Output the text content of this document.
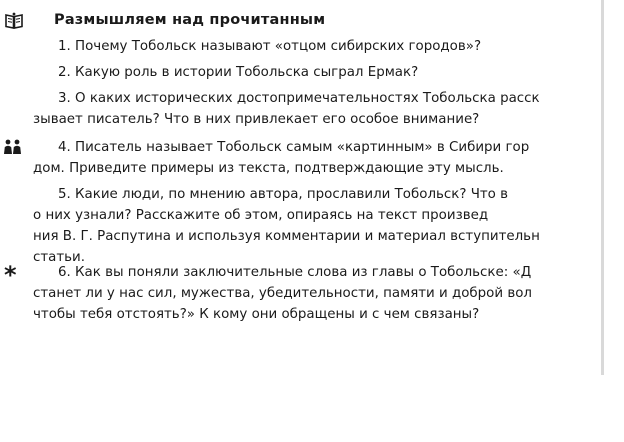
Размышляем над прочитанным
1. Почему Тобольск называют «отцом сибирских городов»?
2. Какую роль в истории Тобольска сыграл Ермак?
3. О каких исторических достопримечательностях Тобольска расск
зывает писатель? Что в них привлекает его особое внимание?
4. Писатель называет Тобольск самым «картинным» в Сибири гор
дом. Приведите примеры из текста, подтверждающие эту мысль.
5. Какие люди, по мнению автора, прославили Тобольск? Что в
о них узнали? Расскажите об этом, опираясь на текст произвед
ния В. Г. Распутина и используя комментарии и материал вступительн
статьи.
*	6. Как вы поняли заключительные слова из главы о Тобольске: «Д
станет ли у нас сил, мужества, убедительности, памяти и доброй вол
чтобы тебя отстоять?» К кому они обращены и с чем связаны?
